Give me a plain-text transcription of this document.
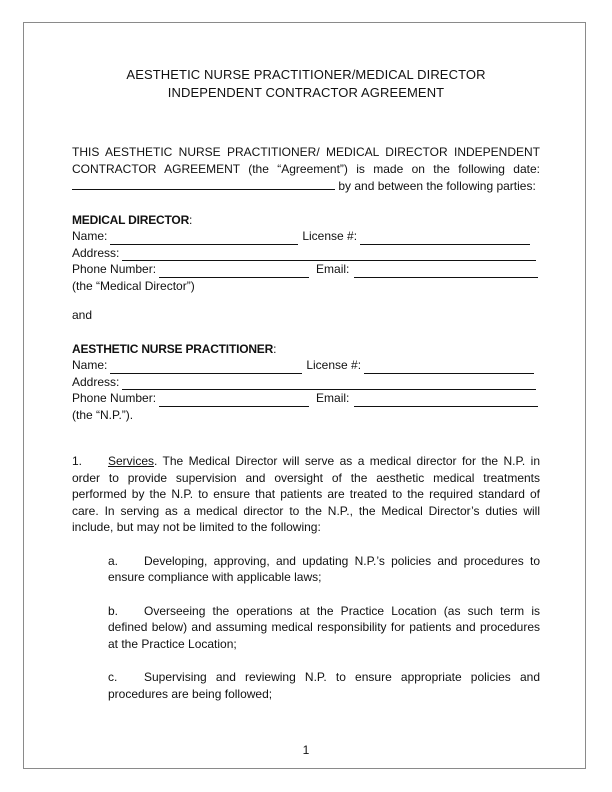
AESTHETIC NURSE PRACTITIONER/MEDICAL DIRECTOR
INDEPENDENT CONTRACTOR AGREEMENT

THIS AESTHETIC NURSE PRACTITIONER/ MEDICAL DIRECTOR INDEPENDENT CONTRACTOR AGREEMENT (the “Agreement”) is made on the following date:  by and between the following parties:
MEDICAL DIRECTOR:
Name:	License #:
Address:
Phone Number:	Email:
(the “Medical Director”)
and
AESTHETIC NURSE PRACTITIONER:
Name:	License #:
Address:
Phone Number:	Email:
(the “N.P.”).
1. Services. The Medical Director will serve as a medical director for the N.P. in order to provide supervision and oversight of the aesthetic medical treatments performed by the N.P. to ensure that patients are treated to the required standard of care. In serving as a medical director to the N.P., the Medical Director’s duties will include, but may not be limited to the following:
a. Developing, approving, and updating N.P.’s policies and procedures to ensure compliance with applicable laws;
b. Overseeing the operations at the Practice Location (as such term is defined below) and assuming medical responsibility for patients and procedures at the Practice Location;
c. Supervising and reviewing N.P. to ensure appropriate policies and procedures are being followed;
1
